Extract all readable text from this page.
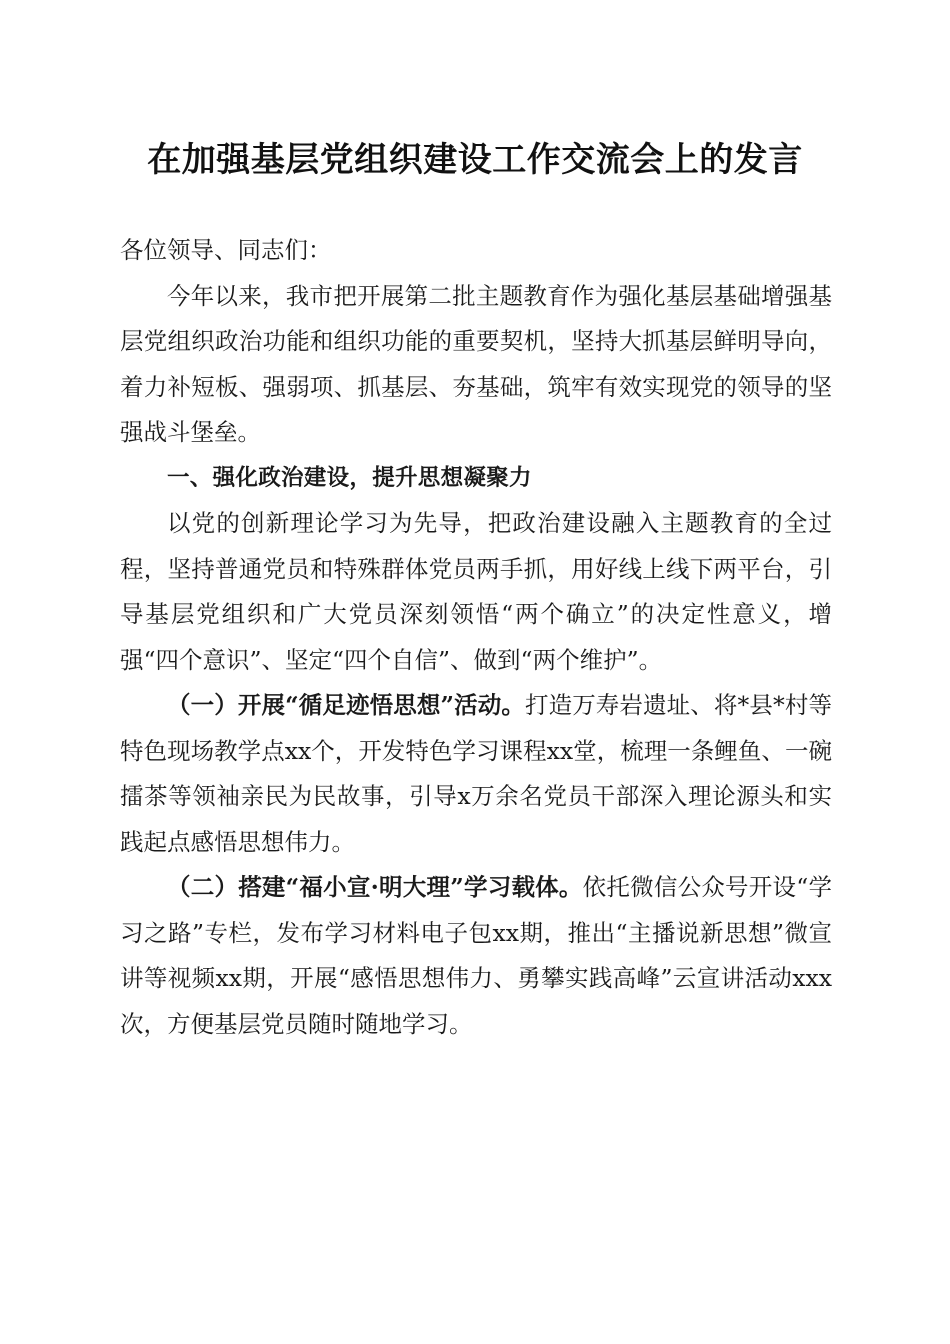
在加强基层党组织建设工作交流会上的发言

各位领导、同志们：

今年以来，我市把开展第二批主题教育作为强化基层基础增强基层党组织政治功能和组织功能的重要契机，坚持大抓基层鲜明导向，着力补短板、强弱项、抓基层、夯基础，筑牢有效实现党的领导的坚强战斗堡垒。

一、强化政治建设，提升思想凝聚力

以党的创新理论学习为先导，把政治建设融入主题教育的全过程，坚持普通党员和特殊群体党员两手抓，用好线上线下两平台，引导基层党组织和广大党员深刻领悟“两个确立”的决定性意义，增强“四个意识”、坚定“四个自信”、做到“两个维护”。

（一）开展“循足迹悟思想”活动。打造万寿岩遗址、将*县*村等特色现场教学点xx个，开发特色学习课程xx堂，梳理一条鲤鱼、一碗擂茶等领袖亲民为民故事，引导x万余名党员干部深入理论源头和实践起点感悟思想伟力。

（二）搭建“福小宣·明大理”学习载体。依托微信公众号开设“学习之路”专栏，发布学习材料电子包xx期，推出“主播说新思想”微宣讲等视频xx期，开展“感悟思想伟力、勇攀实践高峰”云宣讲活动xxx次，方便基层党员随时随地学习。
